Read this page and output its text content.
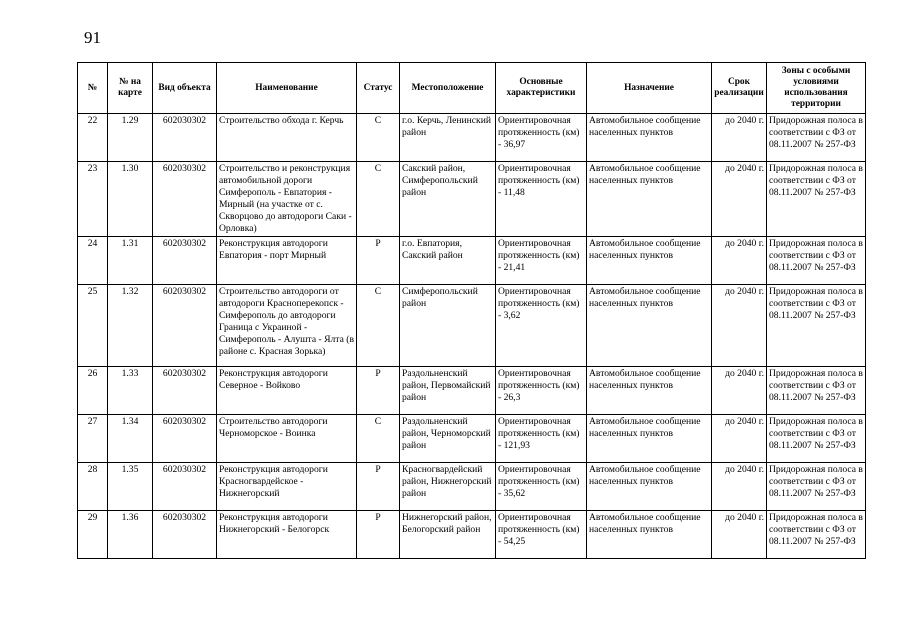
91
№	№ на карте	Вид объекта	Наименование	Статус	Местоположение	Основные характеристики	Назначение	Срок реализации	Зоны с особыми условиями использования территории
22	1.29	602030302	Строительство обхода г. Керчь	С	г.о. Керчь, Ленинский район	Ориентировочная протяженность (км) - 36,97	Автомобильное сообщение населенных пунктов	до 2040 г.	Придорожная полоса в соответствии с ФЗ от 08.11.2007 № 257-ФЗ
23	1.30	602030302	Строительство и реконструкция автомобильной дороги Симферополь - Евпатория - Мирный (на участке от с. Скворцово до автодороги Саки - Орловка)	С	Сакский район, Симферопольский район	Ориентировочная протяженность (км) - 11,48	Автомобильное сообщение населенных пунктов	до 2040 г.	Придорожная полоса в соответствии с ФЗ от 08.11.2007 № 257-ФЗ
24	1.31	602030302	Реконструкция автодороги Евпатория - порт Мирный	Р	г.о. Евпатория, Сакский район	Ориентировочная протяженность (км) - 21,41	Автомобильное сообщение населенных пунктов	до 2040 г.	Придорожная полоса в соответствии с ФЗ от 08.11.2007 № 257-ФЗ
25	1.32	602030302	Строительство автодороги от автодороги Красноперекопск - Симферополь до автодороги Граница с Украиной - Симферополь - Алушта - Ялта (в районе с. Красная Зорька)	С	Симферопольский район	Ориентировочная протяженность (км) - 3,62	Автомобильное сообщение населенных пунктов	до 2040 г.	Придорожная полоса в соответствии с ФЗ от 08.11.2007 № 257-ФЗ
26	1.33	602030302	Реконструкция автодороги Северное - Войково	Р	Раздольненский район, Первомайский район	Ориентировочная протяженность (км) - 26,3	Автомобильное сообщение населенных пунктов	до 2040 г.	Придорожная полоса в соответствии с ФЗ от 08.11.2007 № 257-ФЗ
27	1.34	602030302	Строительство автодороги Черноморское - Воинка	С	Раздольненский район, Черноморский район	Ориентировочная протяженность (км) - 121,93	Автомобильное сообщение населенных пунктов	до 2040 г.	Придорожная полоса в соответствии с ФЗ от 08.11.2007 № 257-ФЗ
28	1.35	602030302	Реконструкция автодороги Красногвардейское - Нижнегорский	Р	Красногвардейский район, Нижнегорский район	Ориентировочная протяженность (км) - 35,62	Автомобильное сообщение населенных пунктов	до 2040 г.	Придорожная полоса в соответствии с ФЗ от 08.11.2007 № 257-ФЗ
29	1.36	602030302	Реконструкция автодороги Нижнегорский - Белогорск	Р	Нижнегорский район, Белогорский район	Ориентировочная протяженность (км) - 54,25	Автомобильное сообщение населенных пунктов	до 2040 г.	Придорожная полоса в соответствии с ФЗ от 08.11.2007 № 257-ФЗ
